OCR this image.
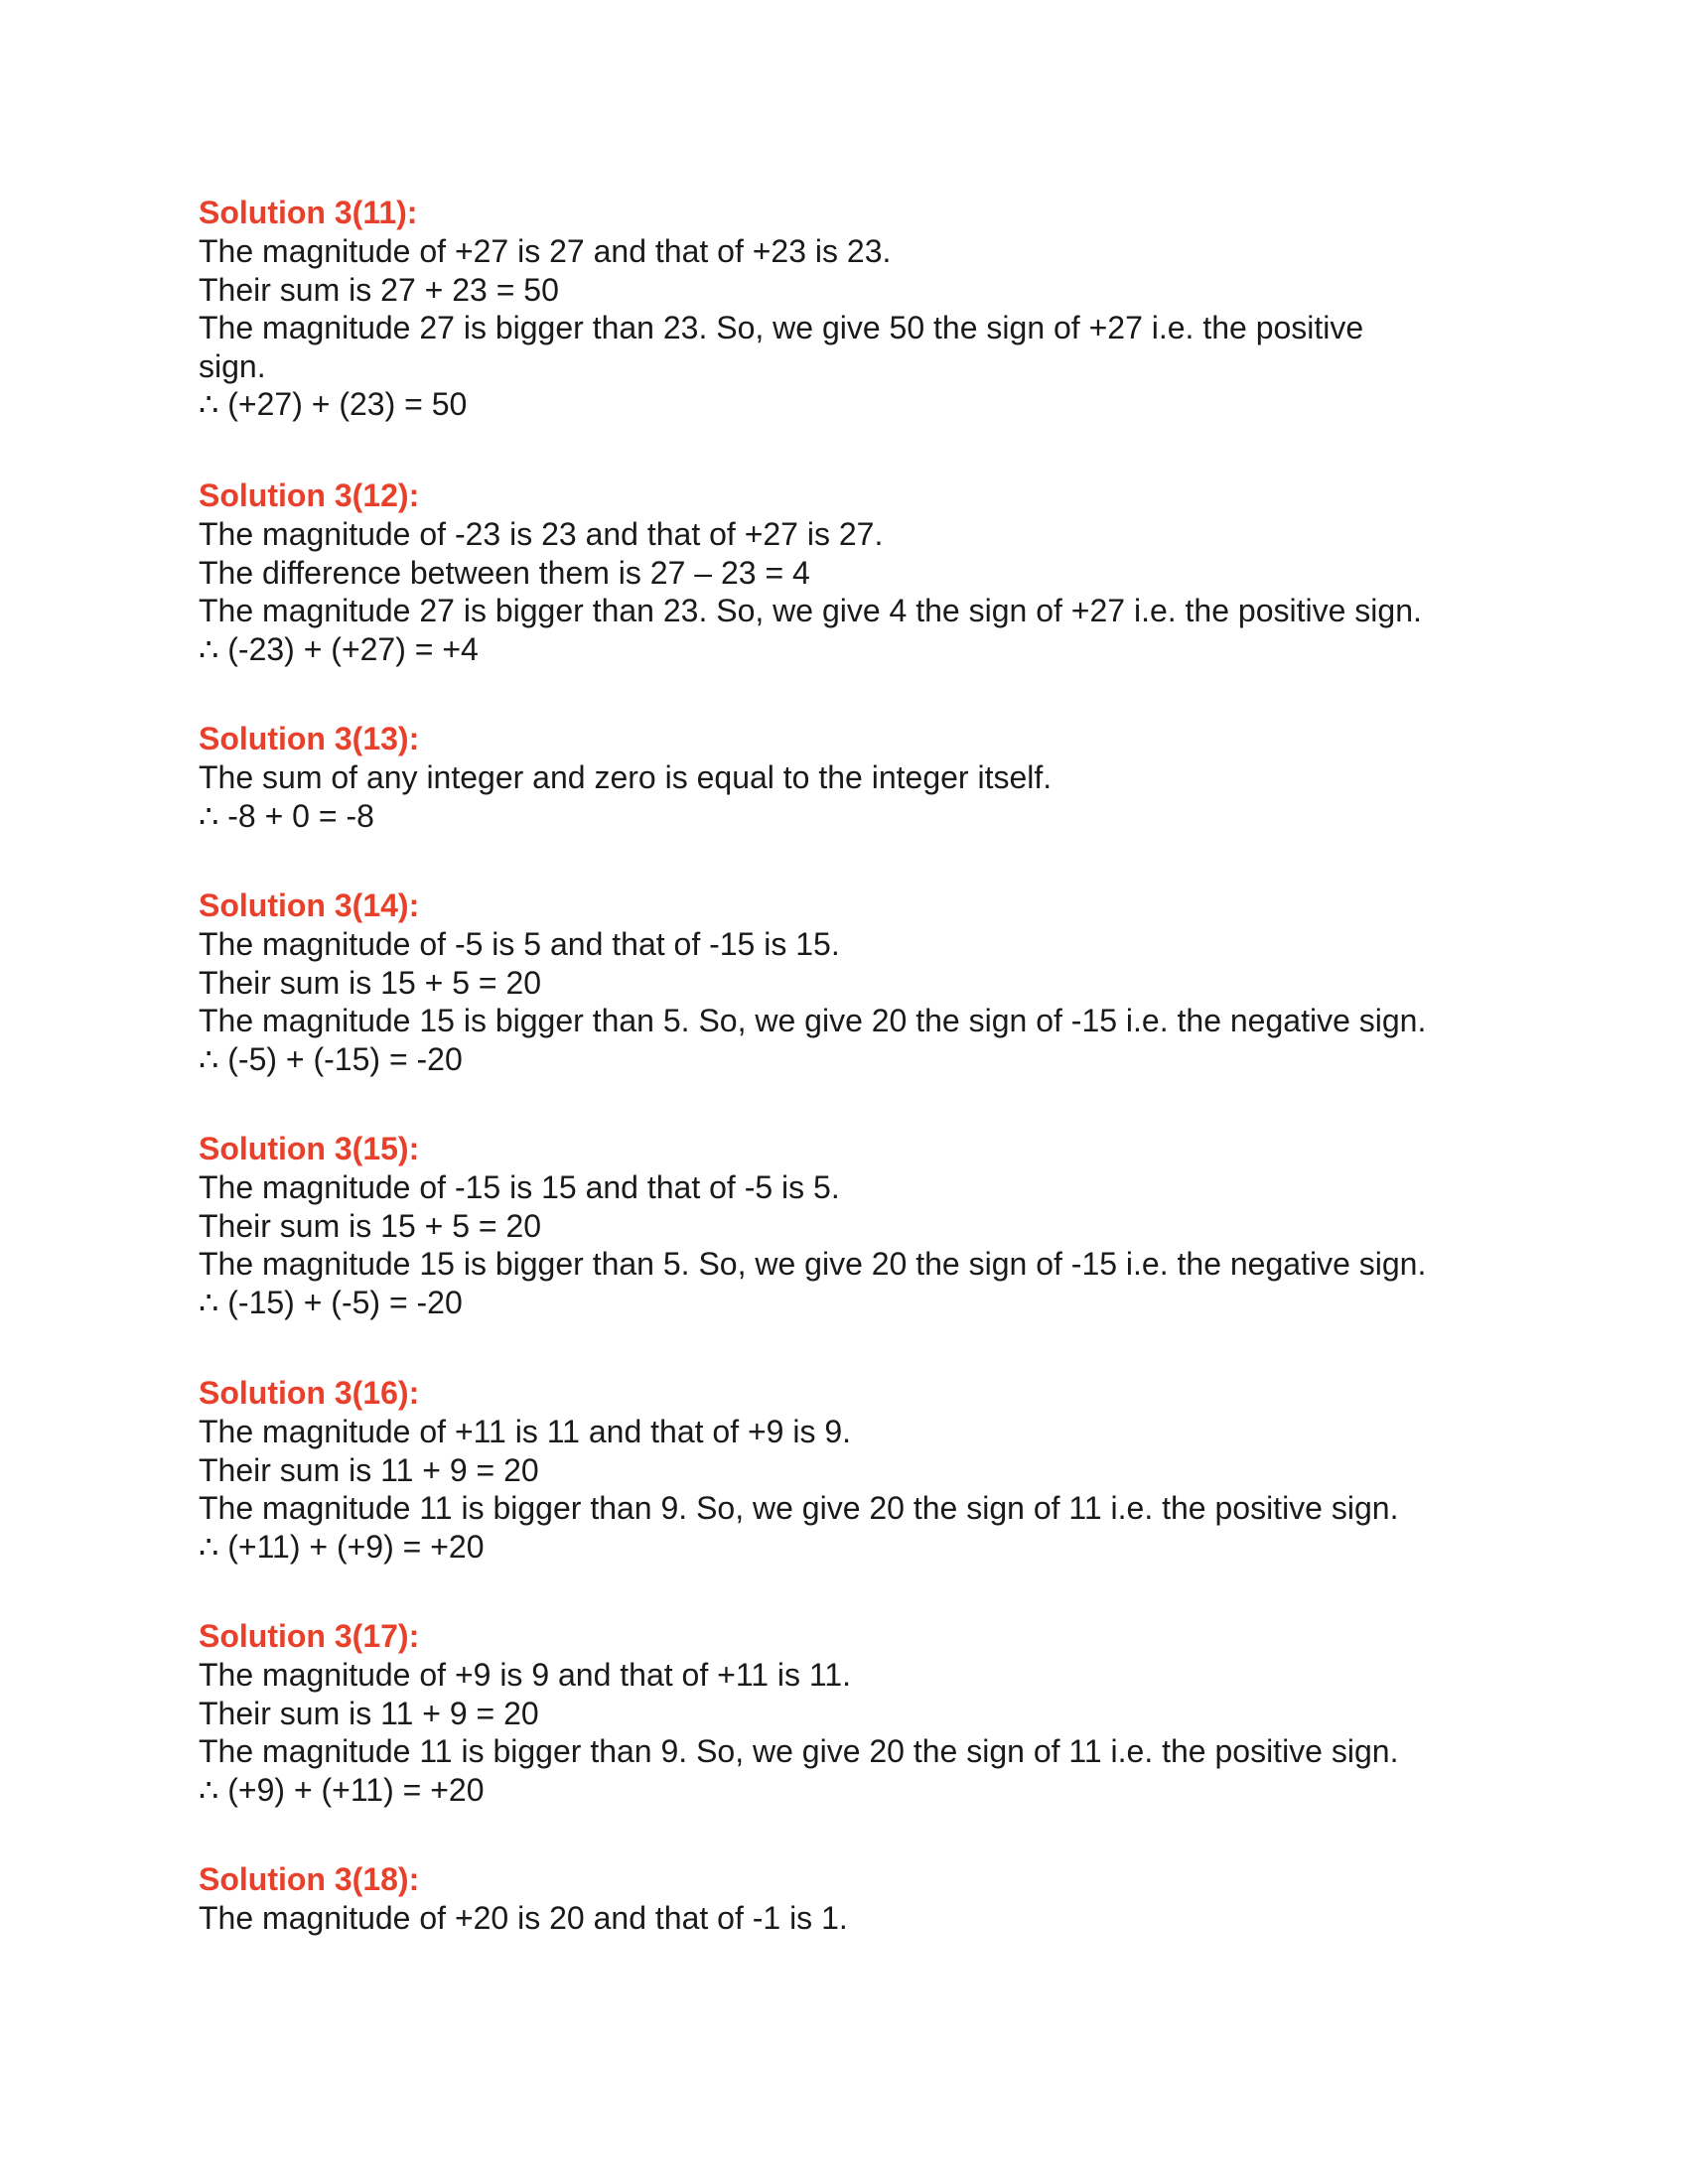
Solution 3(11):
The magnitude of +27 is 27 and that of +23 is 23.
Their sum is 27 + 23 = 50
The magnitude 27 is bigger than 23. So, we give 50 the sign of +27 i.e. the positive sign.
∴ (+27) + (23) = 50
Solution 3(12):
The magnitude of -23 is 23 and that of +27 is 27.
The difference between them is 27 – 23 = 4
The magnitude 27 is bigger than 23. So, we give 4 the sign of +27 i.e. the positive sign.
∴ (-23) + (+27) = +4
Solution 3(13):
The sum of any integer and zero is equal to the integer itself.
∴ -8 + 0 = -8
Solution 3(14):
The magnitude of -5 is 5 and that of -15 is 15.
Their sum is 15 + 5 = 20
The magnitude 15 is bigger than 5. So, we give 20 the sign of -15 i.e. the negative sign.
∴ (-5) + (-15) = -20
Solution 3(15):
The magnitude of -15 is 15 and that of -5 is 5.
Their sum is 15 + 5 = 20
The magnitude 15 is bigger than 5. So, we give 20 the sign of -15 i.e. the negative sign.
∴ (-15) + (-5) = -20
Solution 3(16):
The magnitude of +11 is 11 and that of +9 is 9.
Their sum is 11 + 9 = 20
The magnitude 11 is bigger than 9. So, we give 20 the sign of 11 i.e. the positive sign.
∴ (+11) + (+9) = +20
Solution 3(17):
The magnitude of +9 is 9 and that of +11 is 11.
Their sum is 11 + 9 = 20
The magnitude 11 is bigger than 9. So, we give 20 the sign of 11 i.e. the positive sign.
∴ (+9) + (+11) = +20
Solution 3(18):
The magnitude of +20 is 20 and that of -1 is 1.
